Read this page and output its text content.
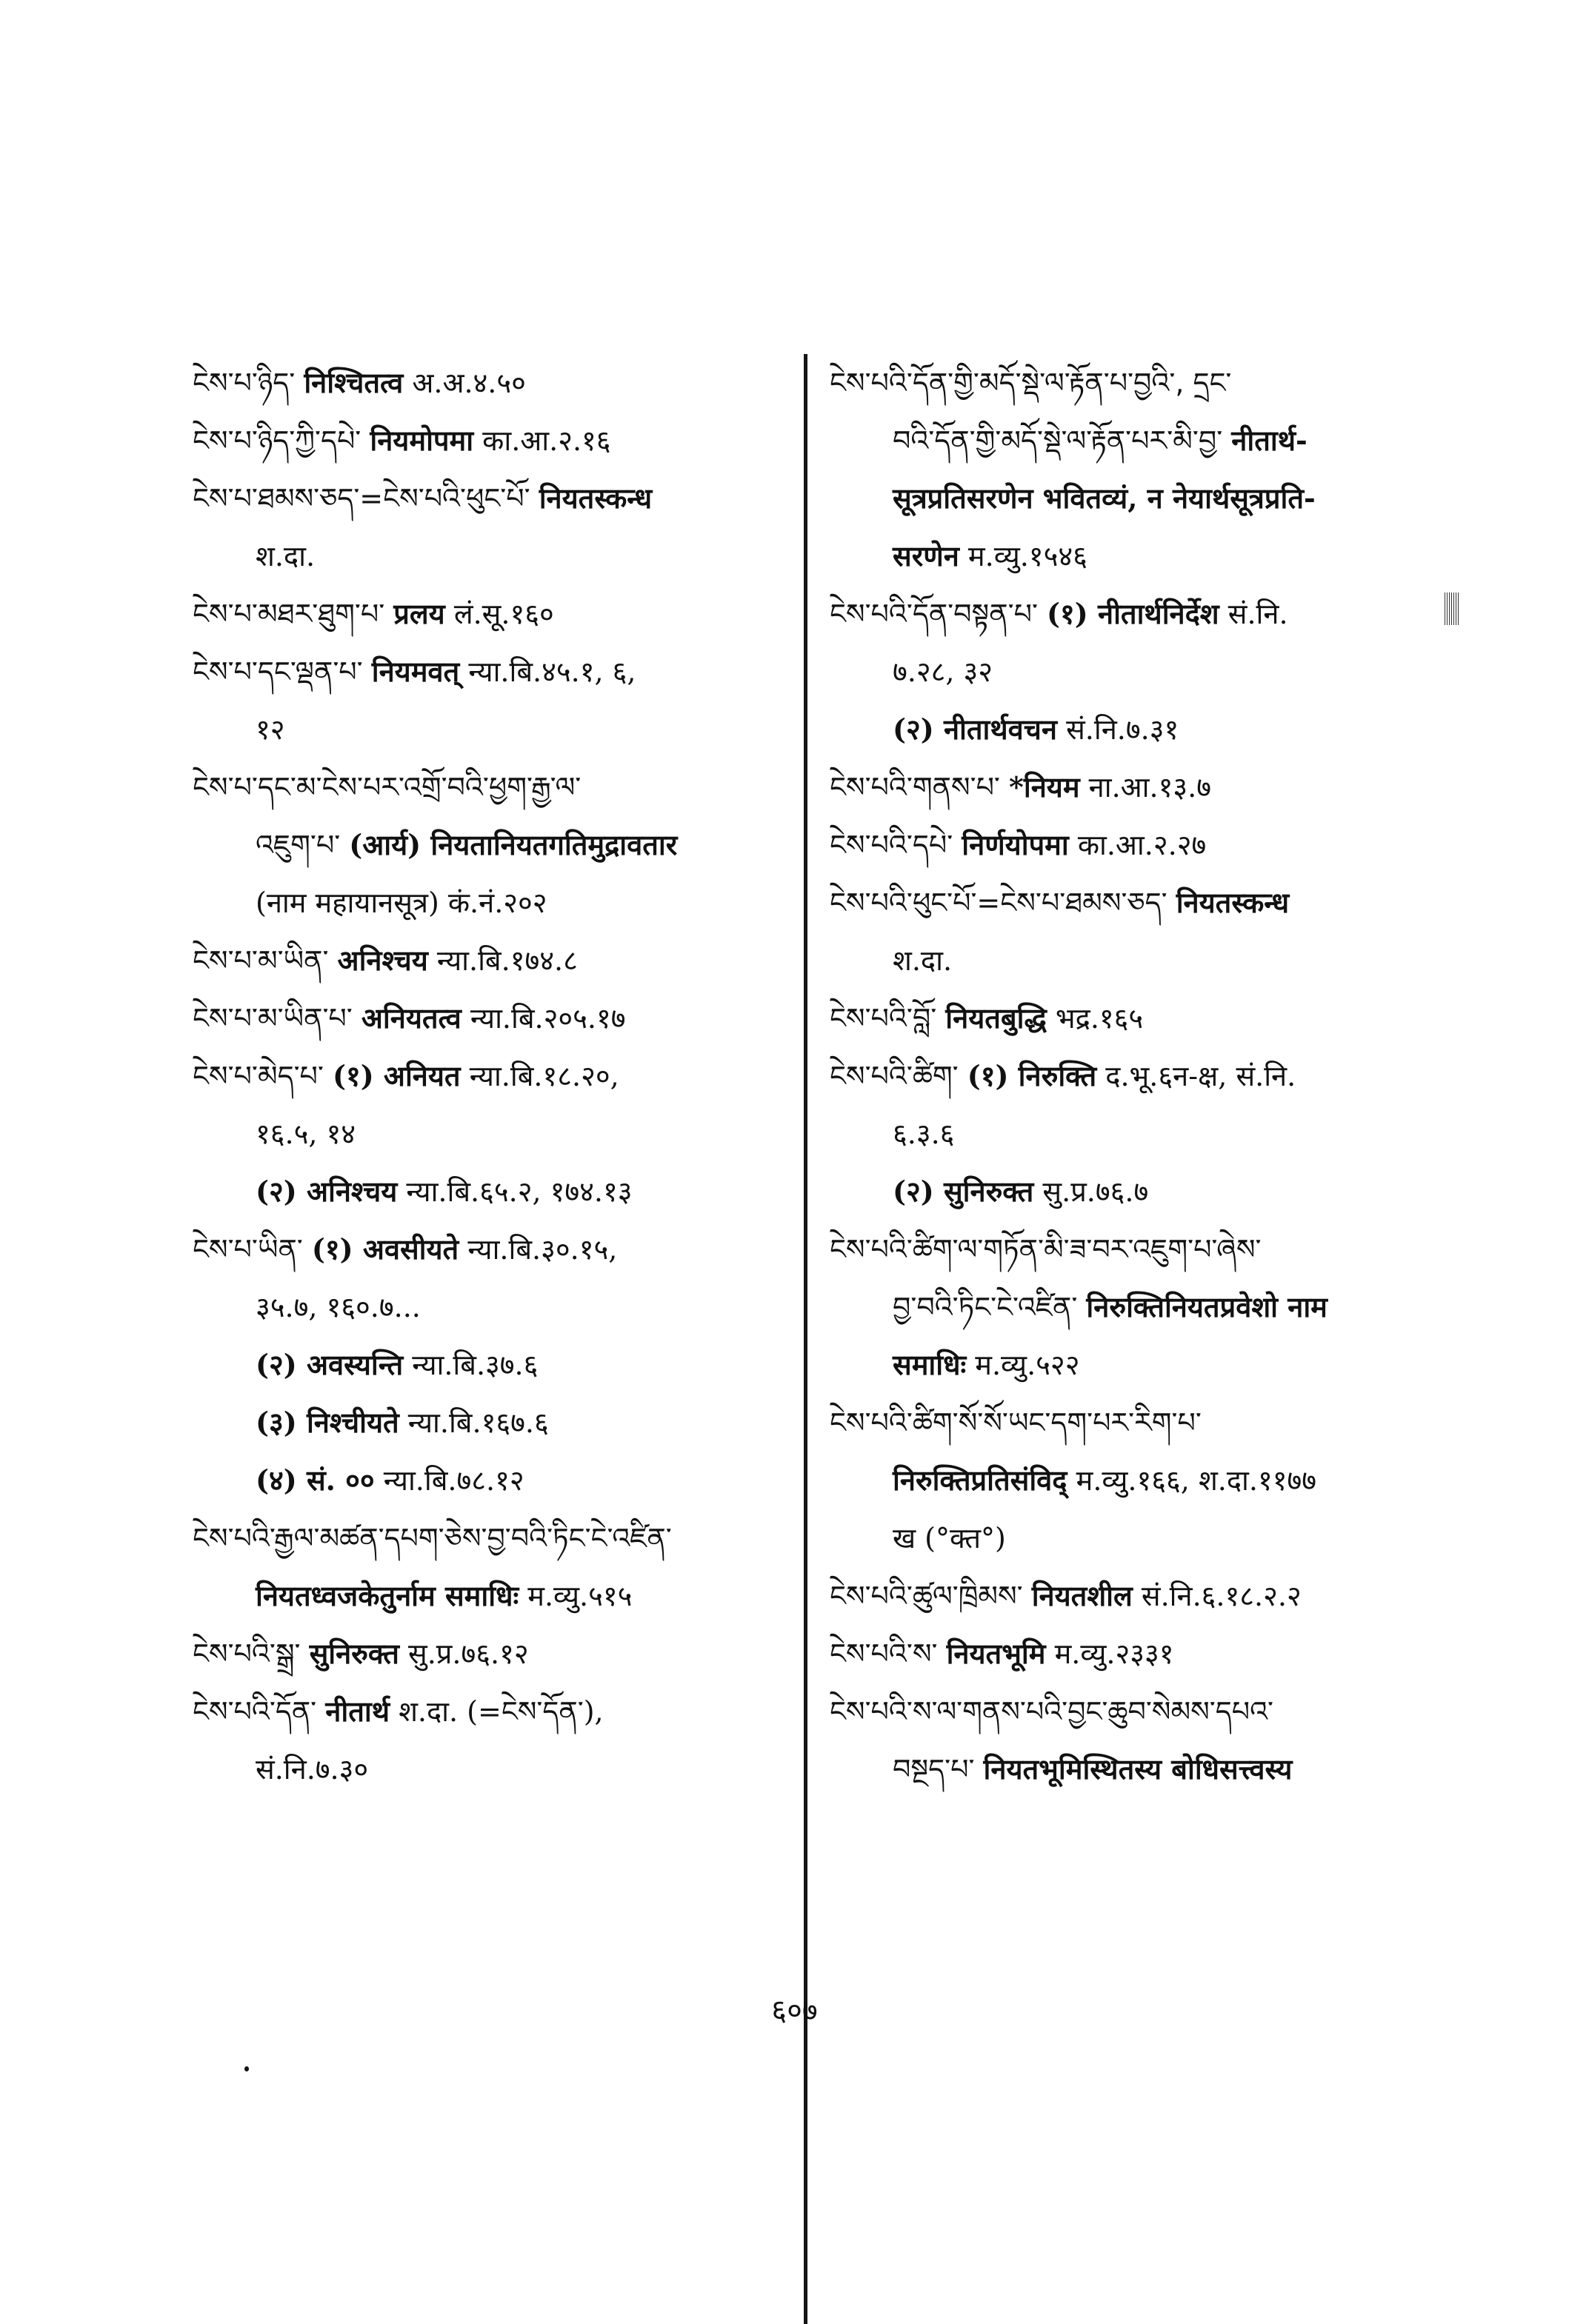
ངེས་པ་ཉིད་ निश्चितत्व अ.अ.४.५०
ངེས་པ་ཉིད་ཀྱི་དཔེ་ नियमोपमा का.आ.२.१६
ངེས་པ་ཐམས་ཅད་=ངེས་པའི་ཕུང་པོ་ नियतस्कन्ध
श.दा.
ངེས་པ་མཐར་ཐུག་པ་ प्रलय लं.सू.१६०
ངེས་པ་དང་ལྡན་པ་ नियमवत् न्या.बि.४५.१, ६,
१२
ངེས་པ་དང་མ་ངེས་པར་འགྲོ་བའི་ཕྱག་རྒྱ་ལ་
འཇུག་པ་ (आर्य) नियतानियतगतिमुद्रावतार
(नाम महायानसूत्र) कं.नं.२०२
ངེས་པ་མ་ཡིན་ अनिश्चय न्या.बि.१७४.८
ངེས་པ་མ་ཡིན་པ་ अनियतत्व न्या.बि.२०५.१७
ངེས་པ་མེད་པ་ (१) अनियत न्या.बि.१८.२०,
१६.५, १४
(२) अनिश्चय न्या.बि.६५.२, १७४.१३
ངེས་པ་ཡིན་ (१) अवसीयते न्या.बि.३०.१५,
३५.७, १६०.७...
(२) अवस्यन्ति न्या.बि.३७.६
(३) निश्चीयते न्या.बि.१६७.६
(४) सं. ०० न्या.बि.७८.१२
ངེས་པའི་རྒྱལ་མཚན་དཔག་ཅེས་བྱ་བའི་ཏིང་ངེ་འཛིན་
नियतध्वजकेतुर्नाम समाधिः म.व्यु.५१५
ངེས་པའི་སྒྲ་ सुनिरुक्त सु.प्र.७६.१२
ངེས་པའི་དོན་ नीतार्थ श.दा. (=ངེས་དོན་),
सं.नि.७.३०
ངེས་པའི་དོན་གྱི་མདོ་སྡེ་ལ་རྟོན་པ་བྱའི་, དྲང་
བའི་དོན་གྱི་མདོ་སྡེ་ལ་རྟོན་པར་མི་བྱ་ नीतार्थ-
सूत्रप्रतिसरणेन भवितव्यं, न नेयार्थसूत्रप्रति-
सरणेन म.व्यु.१५४६
ངེས་པའི་དོན་བསྟན་པ་ (१) नीतार्थनिर्देश सं.नि.
७.२८, ३२
(२) नीतार्थवचन सं.नि.७.३१
ངེས་པའི་གནས་པ་ *नियम ना.आ.१३.७
ངེས་པའི་དཔེ་ निर्णयोपमा का.आ.२.२७
ངེས་པའི་ཕུང་པོ་=ངེས་པ་ཐམས་ཅད་ नियतस्कन्ध
श.दा.
ངེས་པའི་བློ་ नियतबुद्धि भद्र.१६५
ངེས་པའི་ཚིག་ (१) निरुक्ति द.भू.६न-क्ष, सं.नि.
६.३.६
(२) सुनिरुक्त सु.प्र.७६.७
ངེས་པའི་ཚིག་ལ་གཏོན་མི་ཟ་བར་འཇུག་པ་ཞེས་
བྱ་བའི་ཏིང་ངེ་འཛིན་ निरुक्तिनियतप्रवेशो नाम
समाधिः म.व्यु.५२२
ངེས་པའི་ཚིག་སོ་སོ་ཡང་དག་པར་རིག་པ་
निरुक्तिप्रतिसंविद् म.व्यु.१६६, श.दा.११७७
ख (°क्त°)
ངེས་པའི་ཚུལ་ཁྲིམས་ नियतशील सं.नि.६.१८.२.२
ངེས་པའི་ས་ नियतभूमि म.व्यु.२३३१
ངེས་པའི་ས་ལ་གནས་པའི་བྱང་ཆུབ་སེམས་དཔའ་
བསྔད་པ་ नियतभूमिस्थितस्य बोधिसत्त्वस्य
६०७
